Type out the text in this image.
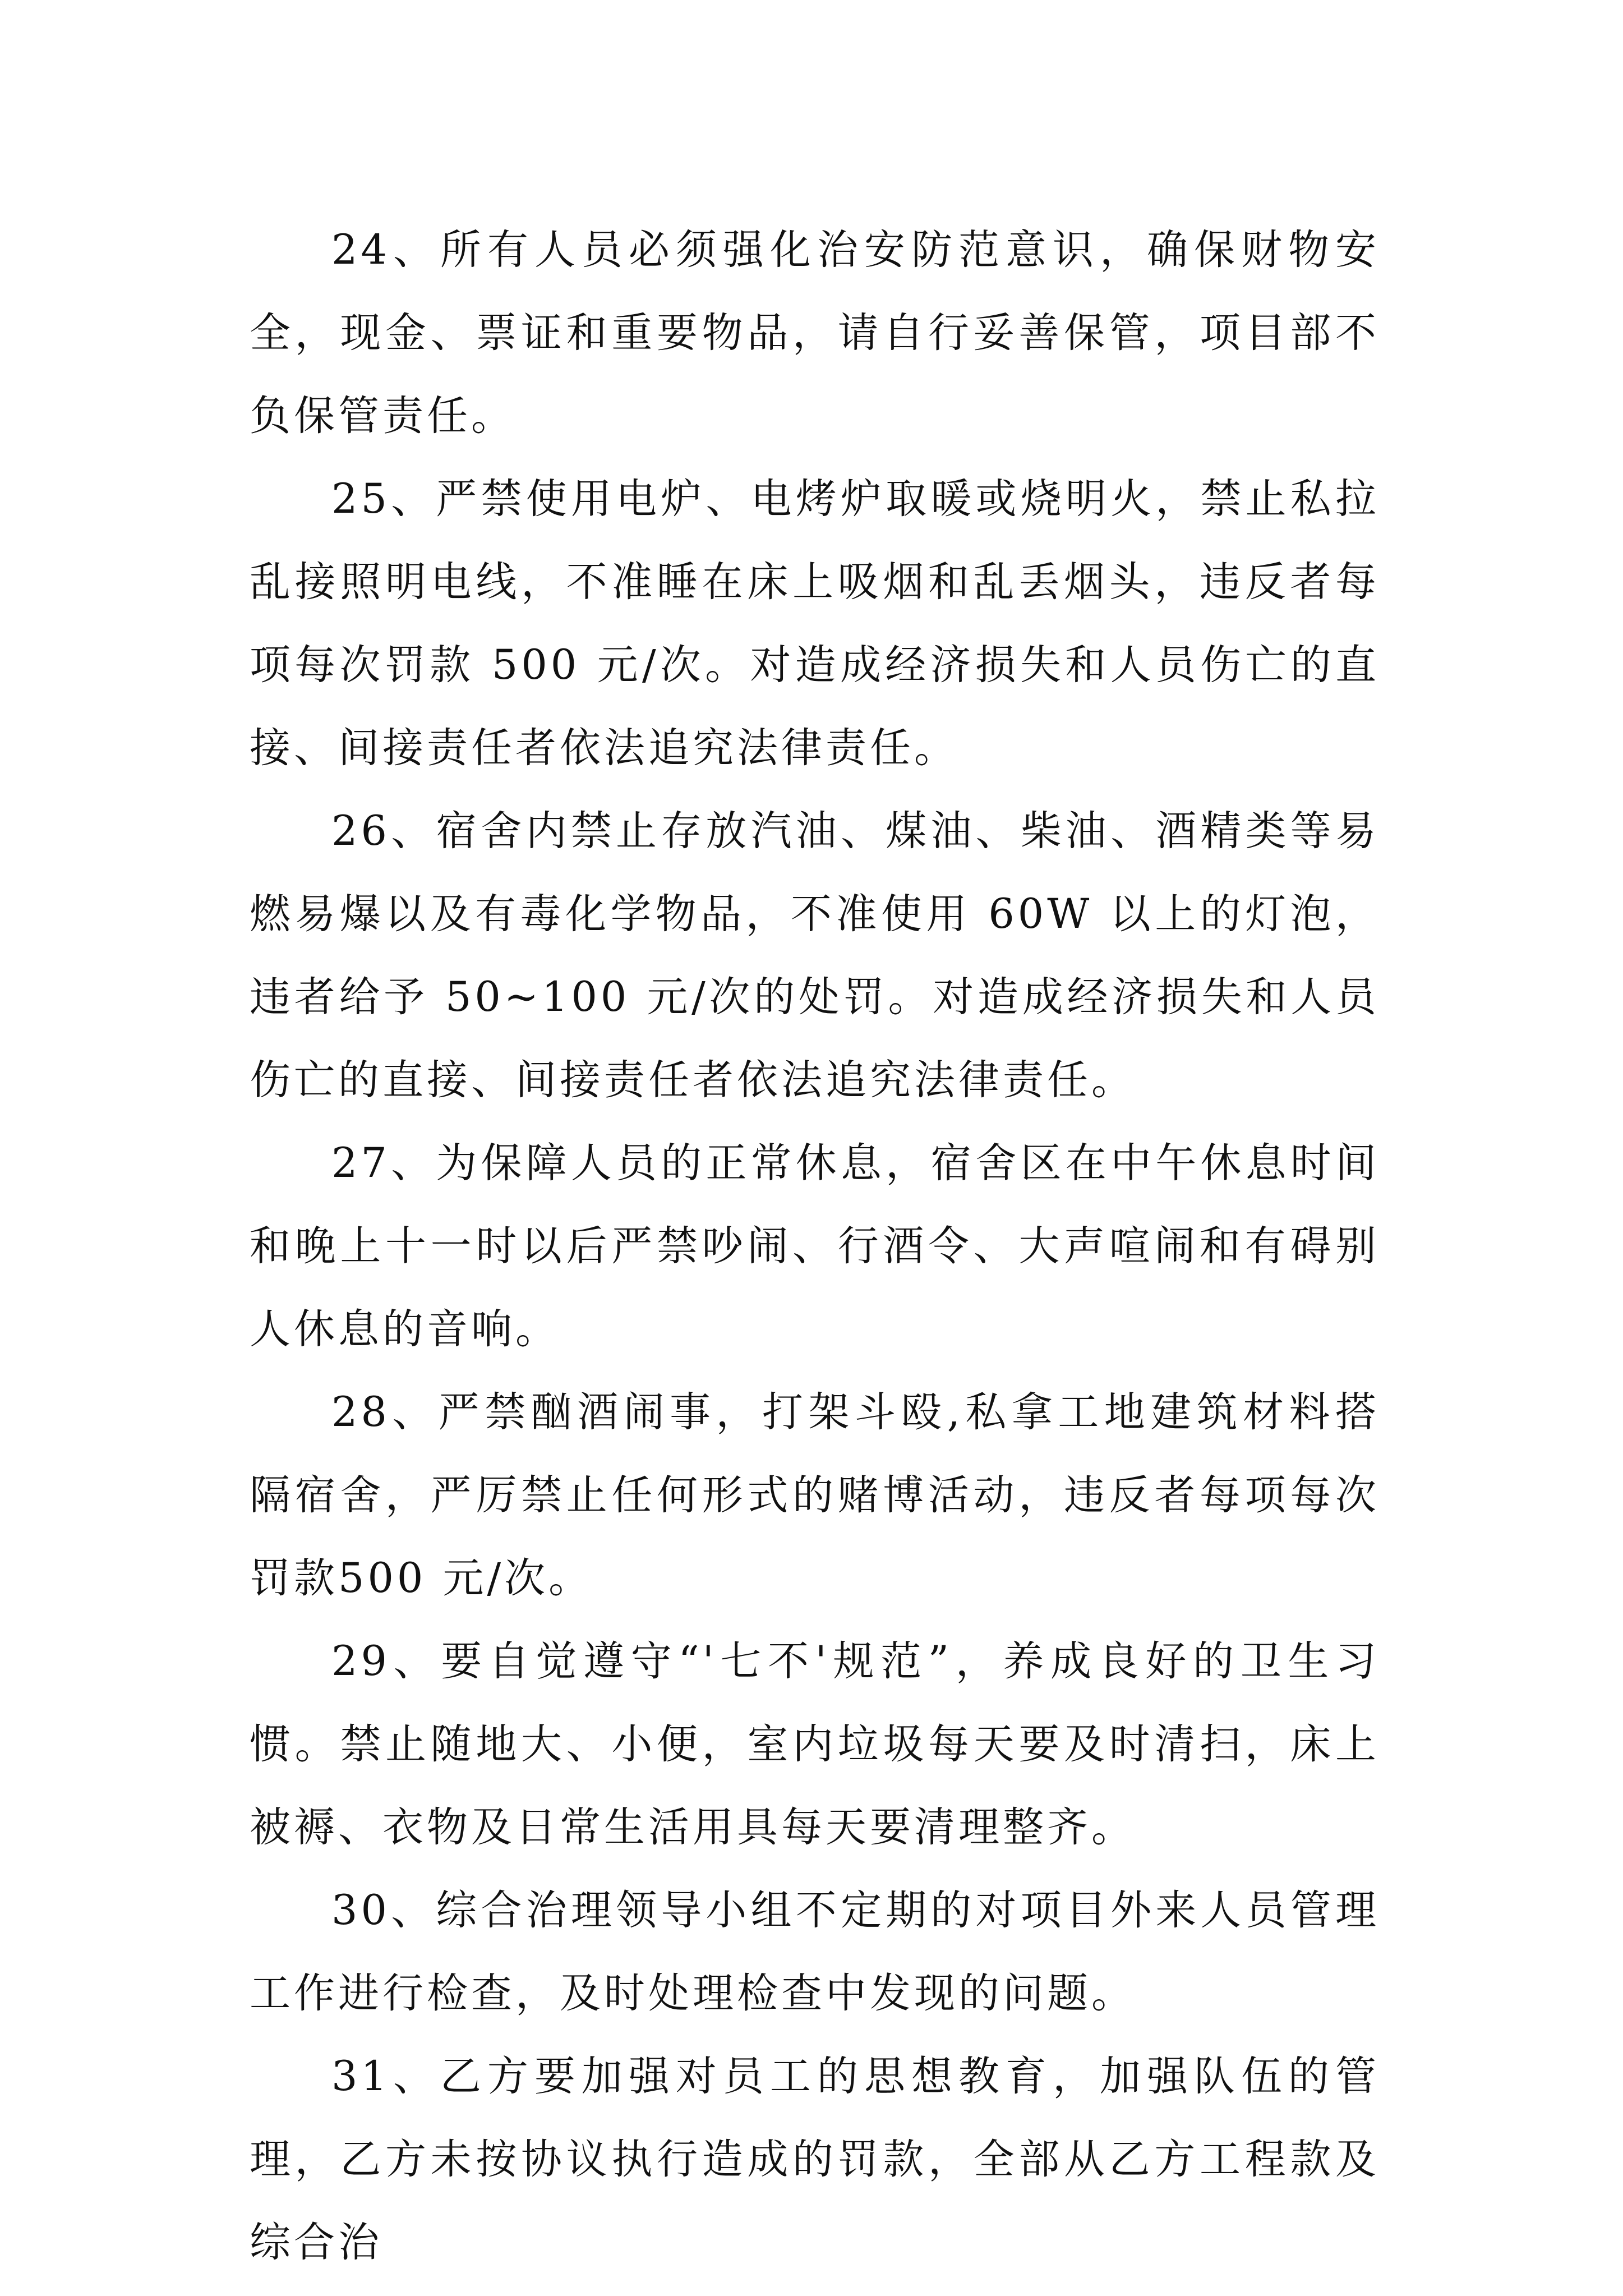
24、所有人员必须强化治安防范意识，确保财物安全，现金、票证和重要物品，请自行妥善保管，项目部不负保管责任。

25、严禁使用电炉、电烤炉取暖或烧明火，禁止私拉乱接照明电线，不准睡在床上吸烟和乱丢烟头，违反者每项每次罚款 500 元/次。对造成经济损失和人员伤亡的直接、间接责任者依法追究法律责任。

26、宿舍内禁止存放汽油、煤油、柴油、酒精类等易燃易爆以及有毒化学物品，不准使用 60W 以上的灯泡，违者给予 50~100 元/次的处罚。对造成经济损失和人员伤亡的直接、间接责任者依法追究法律责任。

27、为保障人员的正常休息，宿舍区在中午休息时间和晚上十一时以后严禁吵闹、行酒令、大声喧闹和有碍别人休息的音响。

28、严禁酗酒闹事，打架斗殴,私拿工地建筑材料搭隔宿舍，严厉禁止任何形式的赌博活动，违反者每项每次罚款500 元/次。

29、要自觉遵守“'七不'规范”，养成良好的卫生习惯。禁止随地大、小便，室内垃圾每天要及时清扫，床上被褥、衣物及日常生活用具每天要清理整齐。

30、综合治理领导小组不定期的对项目外来人员管理工作进行检查，及时处理检查中发现的问题。

31、乙方要加强对员工的思想教育，加强队伍的管理，乙方未按协议执行造成的罚款，全部从乙方工程款及综合治
